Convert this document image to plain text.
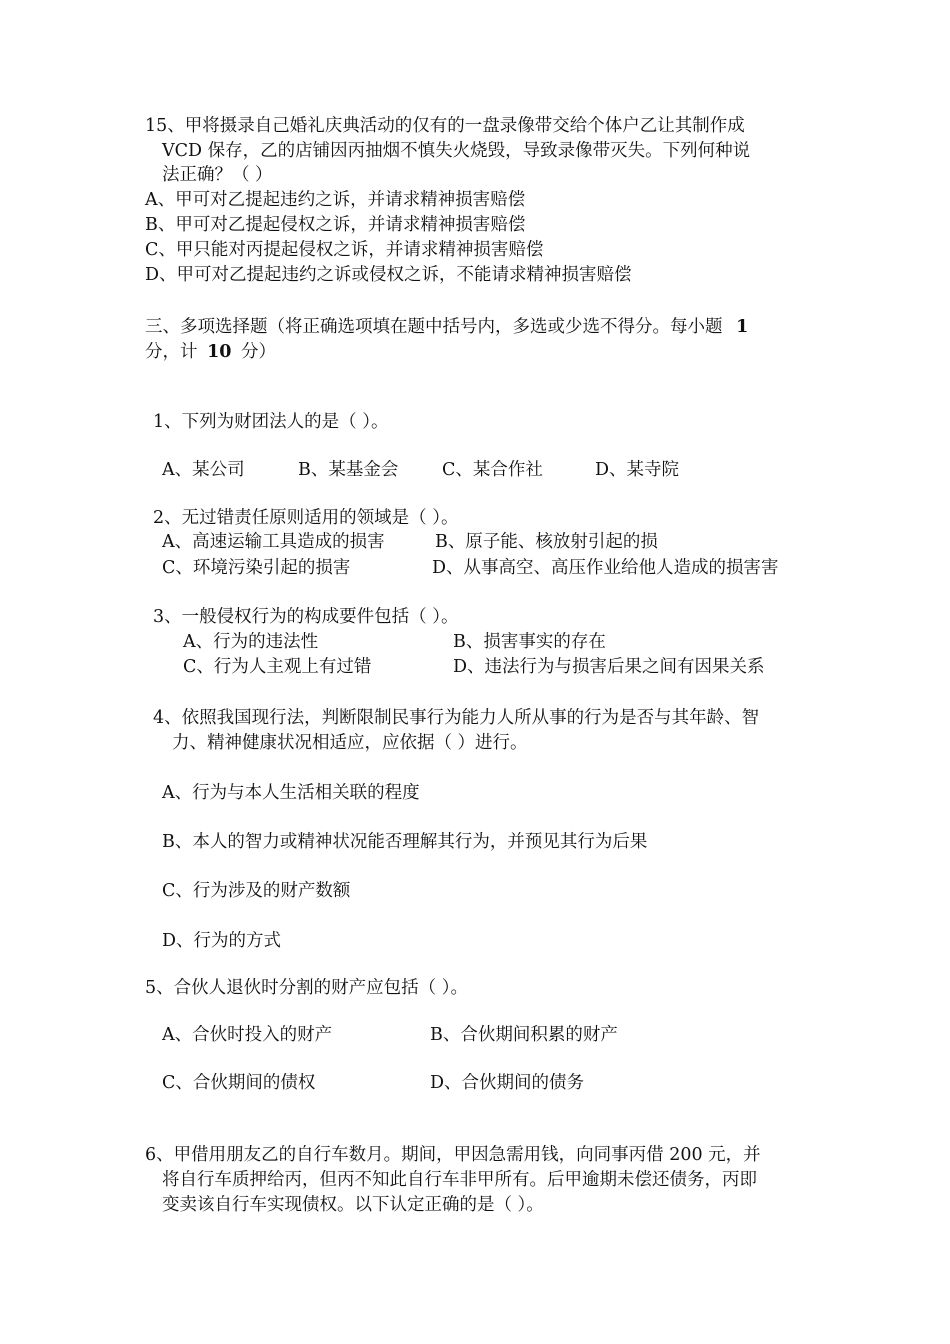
15、甲将摄录自己婚礼庆典活动的仅有的一盘录像带交给个体户乙让其制作成
VCD 保存，乙的店铺因丙抽烟不慎失火烧毁，导致录像带灭失。下列何种说
法正确？（ ）
A、甲可对乙提起违约之诉，并请求精神损害赔偿
B、甲可对乙提起侵权之诉，并请求精神损害赔偿
C、甲只能对丙提起侵权之诉，并请求精神损害赔偿
D、甲可对乙提起违约之诉或侵权之诉，不能请求精神损害赔偿
三、多项选择题（将正确选项填在题中括号内，多选或少选不得分。每小题 1
分，计 10 分）
1、下列为财团法人的是（ ）。
A、某公司	B、某基金会 C、某合作社	D、某寺院
2、无过错责任原则适用的领域是（ ）。
A、高速运输工具造成的损害	B、原子能、核放射引起的损
C、环境污染引起的损害	D、从事高空、高压作业给他人造成的损害害
3、一般侵权行为的构成要件包括（ ）。
A、行为的违法性	B、损害事实的存在
C、行为人主观上有过错	D、违法行为与损害后果之间有因果关系
4、依照我国现行法，判断限制民事行为能力人所从事的行为是否与其年龄、智
力、精神健康状况相适应，应依据（ ）进行。
A、行为与本人生活相关联的程度
B、本人的智力或精神状况能否理解其行为，并预见其行为后果
C、行为涉及的财产数额
D、行为的方式
5、合伙人退伙时分割的财产应包括（ ）。
A、合伙时投入的财产	B、合伙期间积累的财产
C、合伙期间的债权	D、合伙期间的债务
6、甲借用朋友乙的自行车数月。期间，甲因急需用钱，向同事丙借 200 元，并
将自行车质押给丙，但丙不知此自行车非甲所有。后甲逾期未偿还债务，丙即
变卖该自行车实现债权。以下认定正确的是（ ）。
